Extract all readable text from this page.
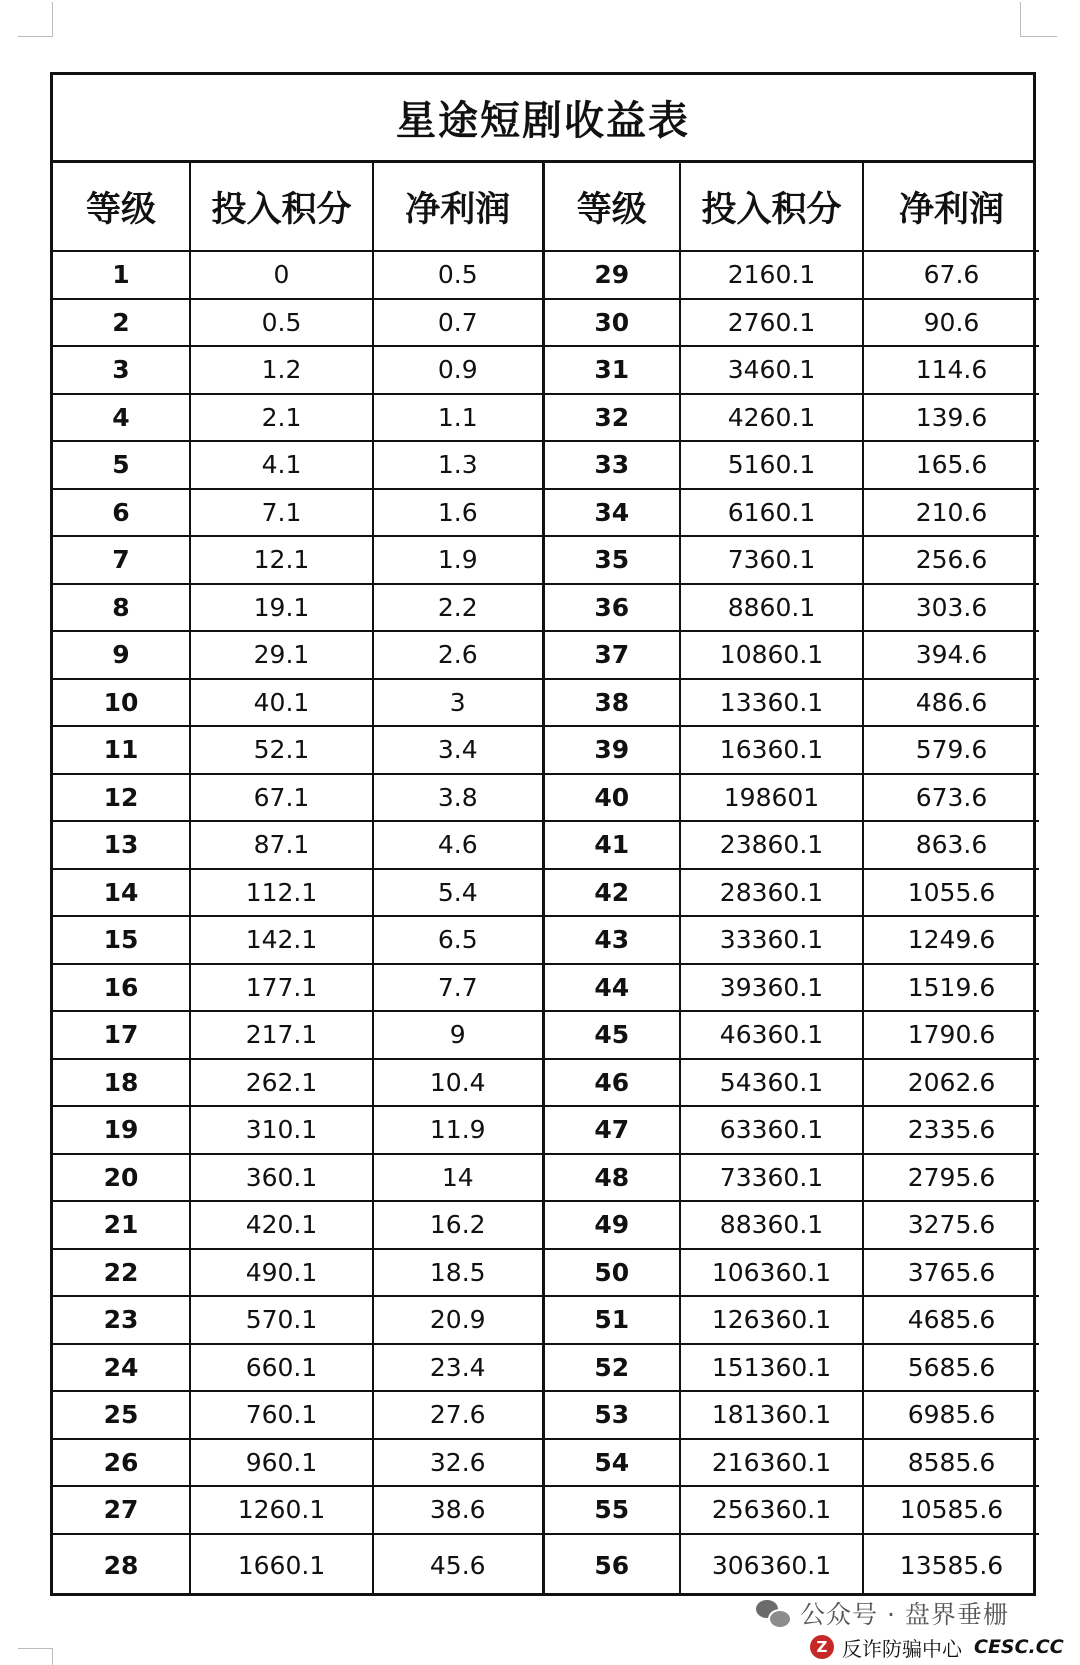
星途短剧收益表
等级	投入积分	净利润	等级	投入积分	净利润
1	0	0.5	29	2160.1	67.6
2	0.5	0.7	30	2760.1	90.6
3	1.2	0.9	31	3460.1	114.6
4	2.1	1.1	32	4260.1	139.6
5	4.1	1.3	33	5160.1	165.6
6	7.1	1.6	34	6160.1	210.6
7	12.1	1.9	35	7360.1	256.6
8	19.1	2.2	36	8860.1	303.6
9	29.1	2.6	37	10860.1	394.6
10	40.1	3	38	13360.1	486.6
11	52.1	3.4	39	16360.1	579.6
12	67.1	3.8	40	198601	673.6
13	87.1	4.6	41	23860.1	863.6
14	112.1	5.4	42	28360.1	1055.6
15	142.1	6.5	43	33360.1	1249.6
16	177.1	7.7	44	39360.1	1519.6
17	217.1	9	45	46360.1	1790.6
18	262.1	10.4	46	54360.1	2062.6
19	310.1	11.9	47	63360.1	2335.6
20	360.1	14	48	73360.1	2795.6
21	420.1	16.2	49	88360.1	3275.6
22	490.1	18.5	50	106360.1	3765.6
23	570.1	20.9	51	126360.1	4685.6
24	660.1	23.4	52	151360.1	5685.6
25	760.1	27.6	53	181360.1	6985.6
26	960.1	32.6	54	216360.1	8585.6
27	1260.1	38.6	55	256360.1	10585.6
28	1660.1	45.6	56	306360.1	13585.6
公众号 · 盘界垂栅
Z 反诈防骗中心 CESC.CC
